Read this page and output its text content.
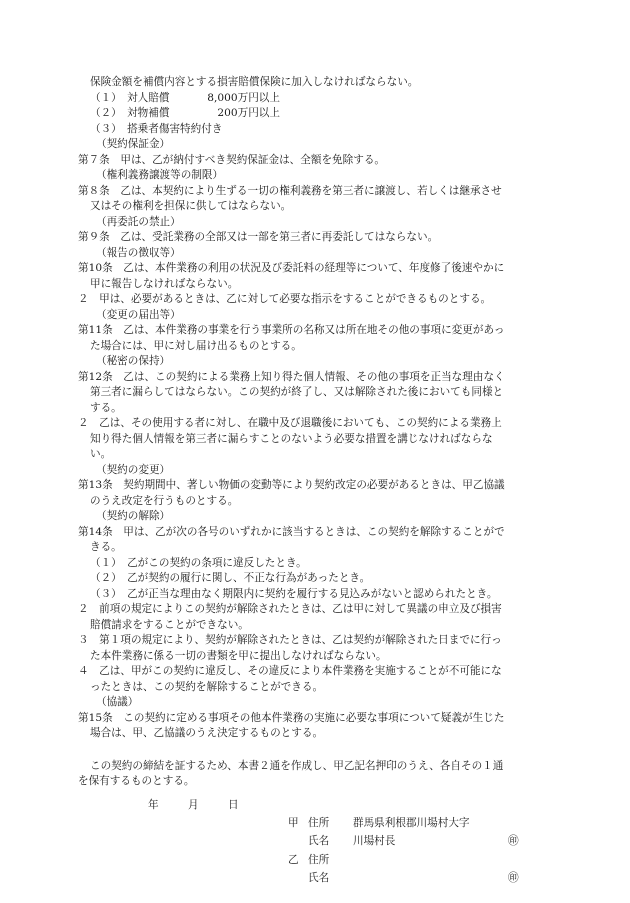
保険金額を補償内容とする損害賠償保険に加入しなければならない。
（１）　対人賠償	8,000万円以上
（２）　対物補償	200万円以上
（３）　搭乗者傷害特約付き
（契約保証金）
第７条　甲は、乙が納付すべき契約保証金は、全額を免除する。
（権利義務譲渡等の制限）
第８条　乙は、本契約により生ずる一切の権利義務を第三者に譲渡し、若しくは継承させ
又はその権利を担保に供してはならない。
（再委託の禁止）
第９条　乙は、受託業務の全部又は一部を第三者に再委託してはならない。
（報告の徴収等）
第10条　乙は、本件業務の利用の状況及び委託料の経理等について、年度修了後速やかに
甲に報告しなければならない。
２　甲は、必要があるときは、乙に対して必要な指示をすることができるものとする。
（変更の届出等）
第11条　乙は、本件業務の事業を行う事業所の名称又は所在地その他の事項に変更があっ
た場合には、甲に対し届け出るものとする。
（秘密の保持）
第12条　乙は、この契約による業務上知り得た個人情報、その他の事項を正当な理由なく
第三者に漏らしてはならない。この契約が終了し、又は解除された後においても同様と
する。
２　乙は、その使用する者に対し、在職中及び退職後においても、この契約による業務上
知り得た個人情報を第三者に漏らすことのないよう必要な措置を講じなければならな
い。
（契約の変更）
第13条　契約期間中、著しい物価の変動等により契約改定の必要があるときは、甲乙協議
のうえ改定を行うものとする。
（契約の解除）
第14条　甲は、乙が次の各号のいずれかに該当するときは、この契約を解除することがで
きる。
（１）　乙がこの契約の条項に違反したとき。
（２）　乙が契約の履行に関し、不正な行為があったとき。
（３）　乙が正当な理由なく期限内に契約を履行する見込みがないと認められたとき。
２　前項の規定によりこの契約が解除されたときは、乙は甲に対して異議の申立及び損害
賠償請求をすることができない。
３　第１項の規定により、契約が解除されたときは、乙は契約が解除された日までに行っ
た本件業務に係る一切の書類を甲に提出しなければならない。
４　乙は、甲がこの契約に違反し、その違反により本件業務を実施することが不可能にな
ったときは、この契約を解除することができる。
（協議）
第15条　この契約に定める事項その他本件業務の実施に必要な事項について疑義が生じた
場合は、甲、乙協議のうえ決定するものとする。
この契約の締結を証するため、本書２通を作成し、甲乙記名押印のうえ、各自その１通
を保有するものとする。
年	月	日
甲 住所 群馬県利根郡川場村大字
氏名 川場村長	㊞
乙 住所
氏名	㊞
